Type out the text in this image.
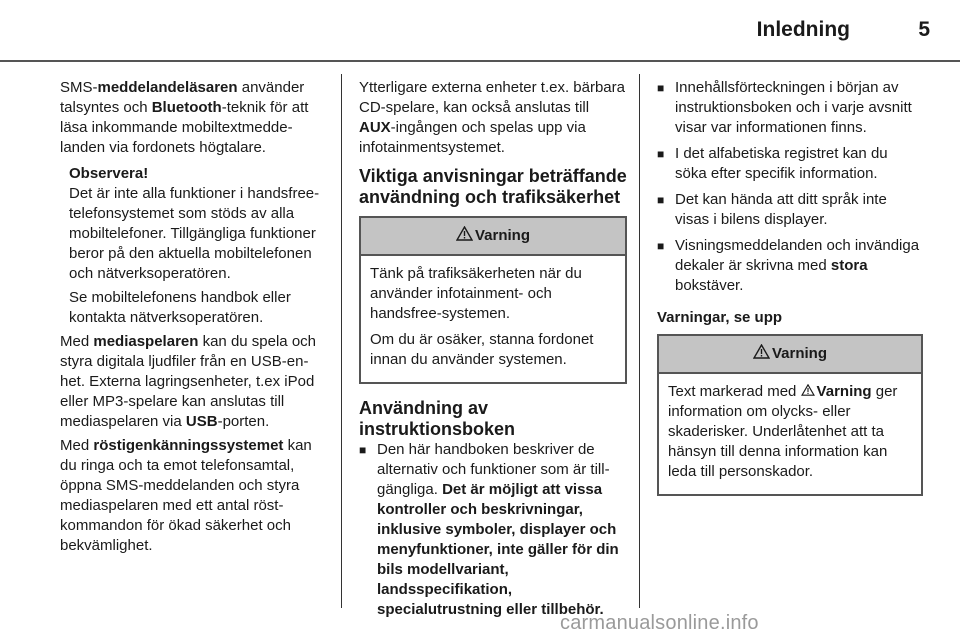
Inledning	5

SMS-meddelandeläsaren använder talsyntes och Bluetooth-teknik för att läsa inkommande mobiltextmeddelanden via fordonets högtalare.

Observera!

Det är inte alla funktioner i handsfree-telefonsystemet som stöds av alla mobiltelefoner. Tillgängliga funktioner beror på den aktuella mobiltelefonen och nätverksoperatören.

Se mobiltelefonens handbok eller kontakta nätverksoperatören.

Med mediaspelaren kan du spela och styra digitala ljudfiler från en USB-enhet. Externa lagringsenheter, t.ex iPod eller MP3-spelare kan anslutas till mediaspelaren via USB-porten.

Med röstigenkänningssystemet kan du ringa och ta emot telefonsamtal, öppna SMS-meddelanden och styra mediaspelaren med ett antal röstkommandon för ökad säkerhet och bekvämlighet.

Ytterligare externa enheter t.ex. bärbara CD-spelare, kan också anslutas till AUX-ingången och spelas upp via infotainmentsystemet.

Viktiga anvisningar beträffande användning och trafiksäkerhet
Varning

Tänk på trafiksäkerheten när du använder infotainment- och handsfree-systemen.

Om du är osäker, stanna fordonet innan du använder systemen.

Användning av instruktionsboken
■ Den här handboken beskriver de alternativ och funktioner som är tillgängliga. Det är möjligt att vissa kontroller och beskrivningar, inklusive symboler, displayer och menyfunktioner, inte gäller för din bils modellvariant, landsspecifikation, specialutrustning eller tillbehör.
■ Innehållsförteckningen i början av instruktionsboken och i varje avsnitt visar var informationen finns.
■ I det alfabetiska registret kan du söka efter specifik information.
■ Det kan hända att ditt språk inte visas i bilens displayer.
■ Visningsmeddelanden och invändiga dekaler är skrivna med stora bokstäver.
Varningar, se upp
Varning

Text markerad med Varning ger information om olycks- eller skaderisker. Underlåtenhet att ta hänsyn till denna information kan leda till personskador.

carmanualsonline.info
